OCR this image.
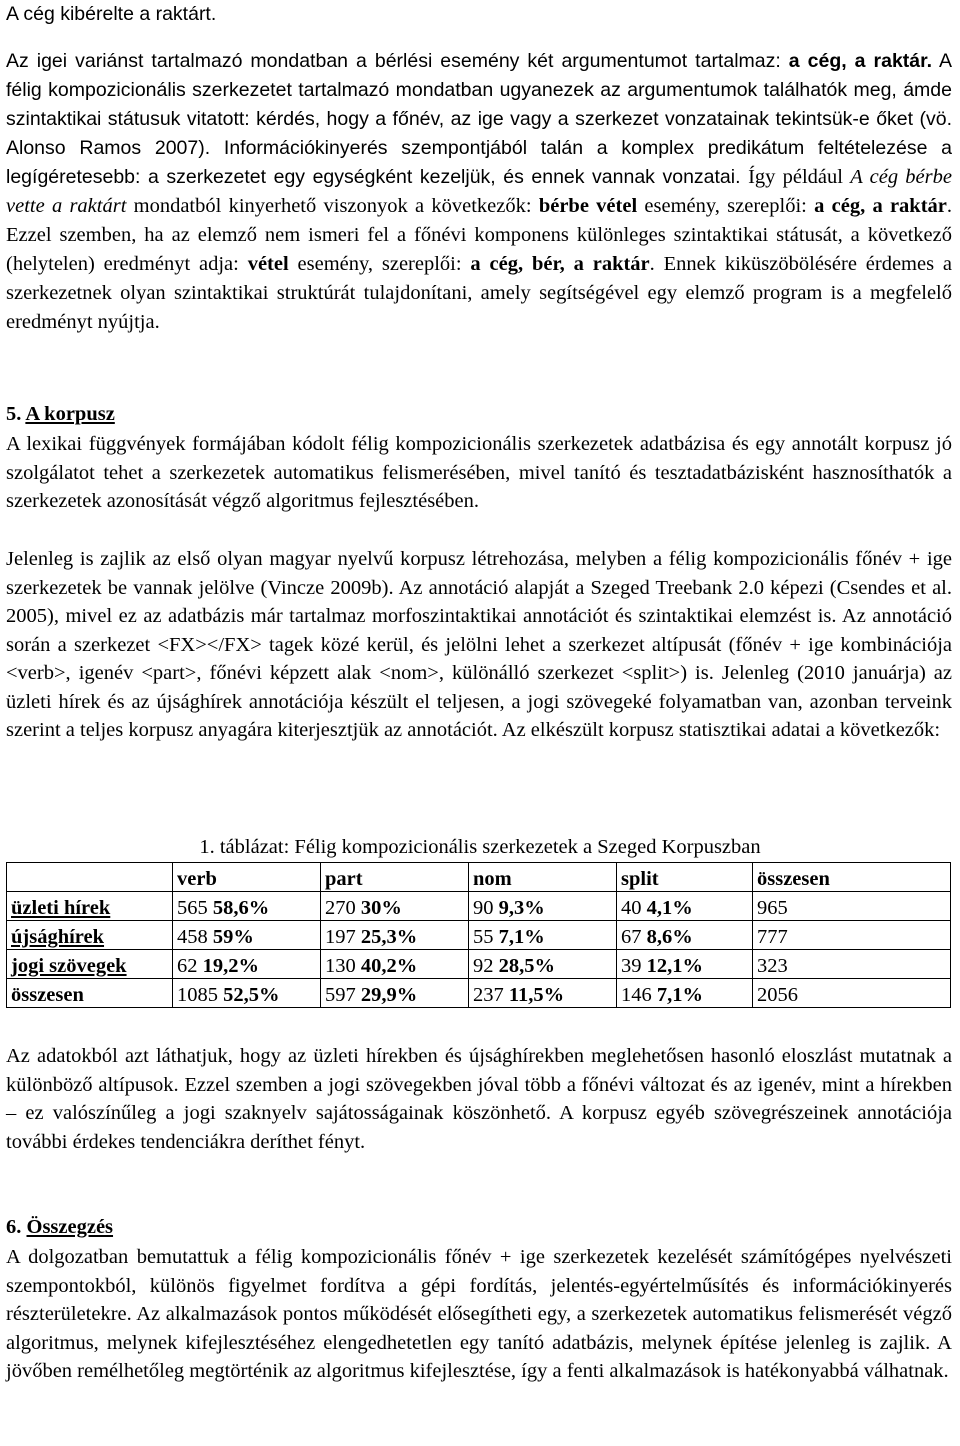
A cég kibérelte a raktárt.

Az igei variánst tartalmazó mondatban a bérlési esemény két argumentumot tartalmaz: a cég, a raktár. A félig kompozicionális szerkezetet tartalmazó mondatban ugyanezek az argumentumok találhatók meg, ámde szintaktikai státusuk vitatott: kérdés, hogy a főnév, az ige vagy a szerkezet vonzatainak tekintsük-e őket (vö. Alonso Ramos 2007). Információkinyerés szempontjából talán a komplex predikátum feltételezése a legígéretesebb: a szerkezetet egy egységként kezeljük, és ennek vannak vonzatai. Így például A cég bérbe vette a raktárt mondatból kinyerhető viszonyok a következők: bérbe vétel esemény, szereplői: a cég, a raktár. Ezzel szemben, ha az elemző nem ismeri fel a főnévi komponens különleges szintaktikai státusát, a következő (helytelen) eredményt adja: vétel esemény, szereplői: a cég, bér, a raktár. Ennek kiküszöbölésére érdemes a szerkezetnek olyan szintaktikai struktúrát tulajdonítani, amely segítségével egy elemző program is a megfelelő eredményt nyújtja.

5. A korpusz

A lexikai függvények formájában kódolt félig kompozicionális szerkezetek adatbázisa és egy annotált korpusz jó szolgálatot tehet a szerkezetek automatikus felismerésében, mivel tanító és tesztadatbázisként hasznosíthatók a szerkezetek azonosítását végző algoritmus fejlesztésében.

Jelenleg is zajlik az első olyan magyar nyelvű korpusz létrehozása, melyben a félig kompozicionális főnév + ige szerkezetek be vannak jelölve (Vincze 2009b). Az annotáció alapját a Szeged Treebank 2.0 képezi (Csendes et al. 2005), mivel ez az adatbázis már tartalmaz morfoszintaktikai annotációt és szintaktikai elemzést is. Az annotáció során a szerkezet <FX></FX> tagek közé kerül, és jelölni lehet a szerkezet altípusát (főnév + ige kombinációja <verb>, igenév <part>, főnévi képzett alak <nom>, különálló szerkezet <split>) is. Jelenleg (2010 januárja) az üzleti hírek és az újsághírek annotációja készült el teljesen, a jogi szövegeké folyamatban van, azonban terveink szerint a teljes korpusz anyagára kiterjesztjük az annotációt. Az elkészült korpusz statisztikai adatai a következők:

1. táblázat: Félig kompozicionális szerkezetek a Szeged Korpuszban

	verb	part	nom	split	összesen
üzleti hírek	565 58,6%	270 30%	90 9,3%	40 4,1%	965
újsághírek	458 59%	197 25,3%	55 7,1%	67 8,6%	777
jogi szövegek	62 19,2%	130 40,2%	92 28,5%	39 12,1%	323
összesen	1085 52,5%	597 29,9%	237 11,5%	146 7,1%	2056

Az adatokból azt láthatjuk, hogy az üzleti hírekben és újsághírekben meglehetősen hasonló eloszlást mutatnak a különböző altípusok. Ezzel szemben a jogi szövegekben jóval több a főnévi változat és az igenév, mint a hírekben – ez valószínűleg a jogi szaknyelv sajátosságainak köszönhető. A korpusz egyéb szövegrészeinek annotációja további érdekes tendenciákra deríthet fényt.

6. Összegzés

A dolgozatban bemutattuk a félig kompozicionális főnév + ige szerkezetek kezelését számítógépes nyelvészeti szempontokból, különös figyelmet fordítva a gépi fordítás, jelentés-egyértelműsítés és információkinyerés részterületekre. Az alkalmazások pontos működését elősegítheti egy, a szerkezetek automatikus felismerését végző algoritmus, melynek kifejlesztéséhez elengedhetetlen egy tanító adatbázis, melynek építése jelenleg is zajlik. A jövőben remélhetőleg megtörténik az algoritmus kifejlesztése, így a fenti alkalmazások is hatékonyabbá válhatnak.
